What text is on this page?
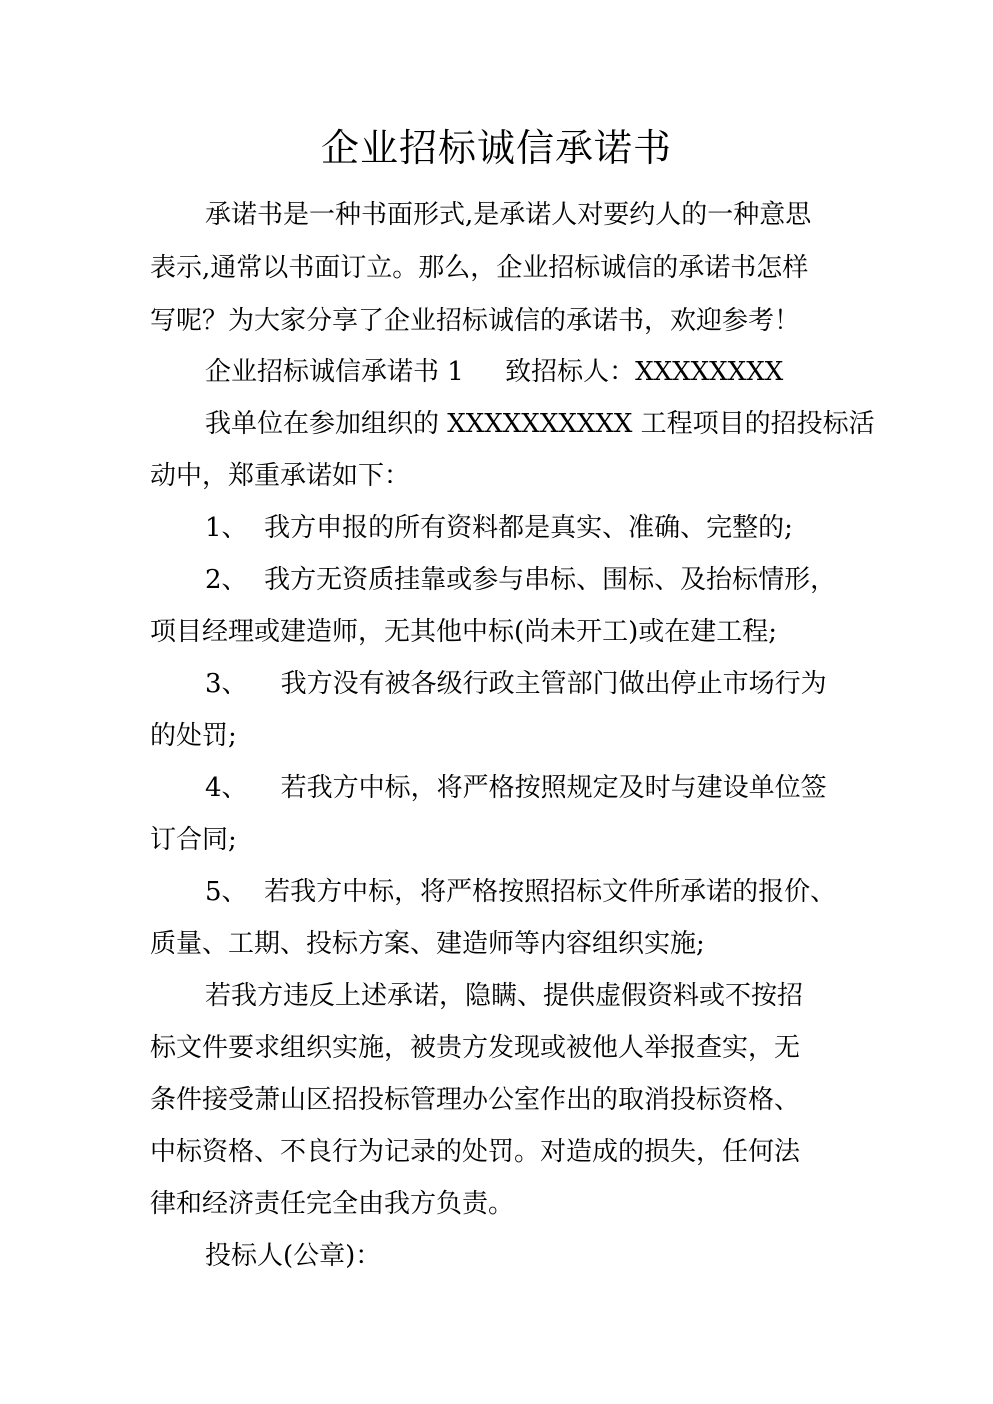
企业招标诚信承诺书

承诺书是一种书面形式,是承诺人对要约人的一种意思

表示,通常以书面订立。那么，企业招标诚信的承诺书怎样

写呢？为大家分享了企业招标诚信的承诺书，欢迎参考！

企业招标诚信承诺书 1     致招标人：XXXXXXXX

我单位在参加组织的 XXXXXXXXXX 工程项目的招投标活

动中，郑重承诺如下：

1、  我方申报的所有资料都是真实、准确、完整的;

2、  我方无资质挂靠或参与串标、围标、及抬标情形，

项目经理或建造师，无其他中标(尚未开工)或在建工程;

3、    我方没有被各级行政主管部门做出停止市场行为

的处罚;

4、    若我方中标，将严格按照规定及时与建设单位签

订合同;

5、  若我方中标，将严格按照招标文件所承诺的报价、

质量、工期、投标方案、建造师等内容组织实施;

若我方违反上述承诺，隐瞒、提供虚假资料或不按招

标文件要求组织实施，被贵方发现或被他人举报查实，无

条件接受萧山区招投标管理办公室作出的取消投标资格、

中标资格、不良行为记录的处罚。对造成的损失，任何法

律和经济责任完全由我方负责。

投标人(公章)：
